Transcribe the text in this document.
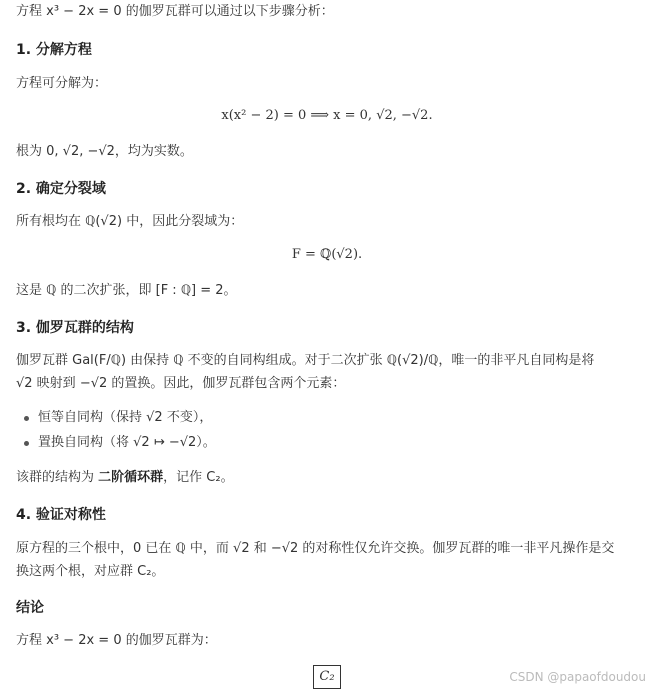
方程 x³ − 2x = 0 的伽罗瓦群可以通过以下步骤分析：
1. 分解方程
方程可分解为：
x(x² − 2) = 0 ⟹ x = 0, √2, −√2.
根为 0, √2, −√2，均为实数。
2. 确定分裂域
所有根均在 ℚ(√2) 中，因此分裂域为：
F = ℚ(√2).
这是 ℚ 的二次扩张，即 [F : ℚ] = 2。
3. 伽罗瓦群的结构
伽罗瓦群 Gal(F/ℚ) 由保持 ℚ 不变的自同构组成。对于二次扩张 ℚ(√2)/ℚ，唯一的非平凡自同构是将
√2 映射到 −√2 的置换。因此，伽罗瓦群包含两个元素：
恒等自同构（保持 √2 不变），
置换自同构（将 √2 ↦ −√2）。
该群的结构为 二阶循环群，记作 C₂。
4. 验证对称性
原方程的三个根中，0 已在 ℚ 中，而 √2 和 −√2 的对称性仅允许交换。伽罗瓦群的唯一非平凡操作是交
换这两个根，对应群 C₂。
结论
方程 x³ − 2x = 0 的伽罗瓦群为：
C₂	CSDN @papaofdoudou
